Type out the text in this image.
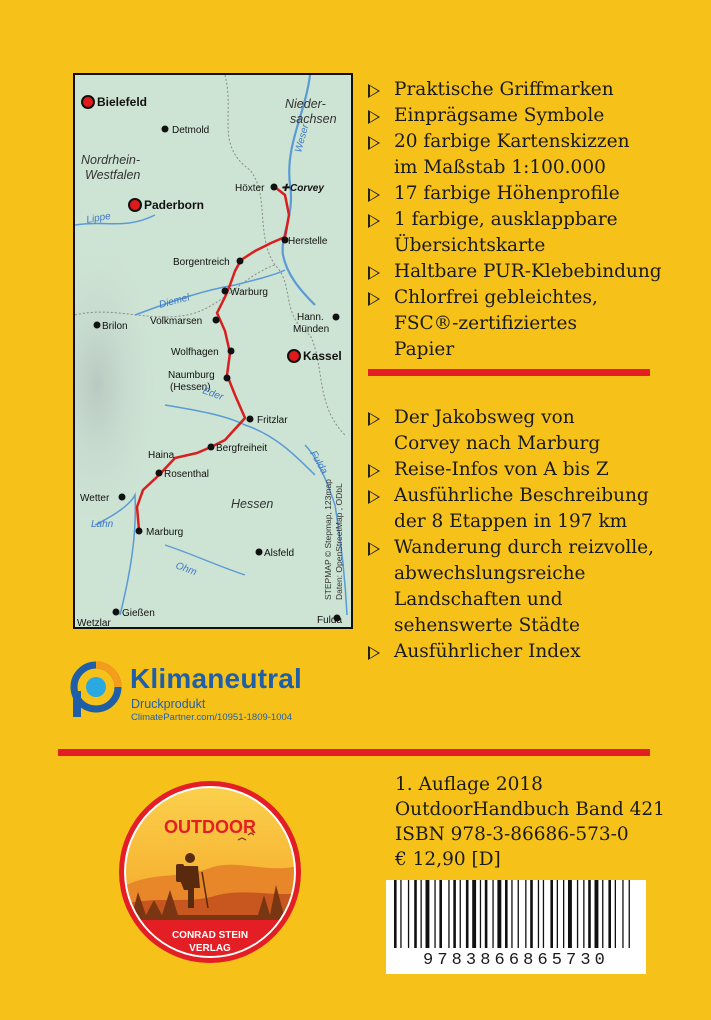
Bielefeld
Detmold
Paderborn
Höxter ✚ Corvey
Herstelle
Borgentreich
Warburg
Brilon Volkmarsen	Hann.
Münden
Kassel
Wolfhagen
Naumburg
(Hessen)
Fritzlar
Haina
Bergfreiheit
Rosenthal
Wetter
Marburg
Alsfeld
Gießen
Wetzlar	Fulda
Nieder-
sachsen
Nordrhein-
Westfalen
Hessen
Weser
Lippe
Diemel
Eder
Fulda
Lahn
Ohm	STEPMAP © Stepmap, 123map Daten: OpenStreetMap , ODbL
Praktische Griffmarken
Einprägsame Symbole
20 farbige Kartenskizzen im Maßstab 1:100.000
17 farbige Höhenprofile
1 farbige, ausklappbare Übersichtskarte
Haltbare PUR-Klebebindung
Chlorfrei gebleichtes, FSC®-zertifiziertes Papier
Der Jakobsweg von Corvey nach Marburg
Reise-Infos von A bis Z
Ausführliche Beschreibung der 8 Etappen in 197 km
Wanderung durch reizvolle, abwechslungsreiche Landschaften und sehenswerte Städte
Ausführlicher Index
Klimaneutral
Druckprodukt
ClimatePartner.com/10951-1809-1004
OUTDOOR
CONRAD STEIN
VERLAG
1. Auflage 2018
OutdoorHandbuch Band 421
ISBN 978-3-86686-573-0
€ 12,90 [D]
9783866865730
